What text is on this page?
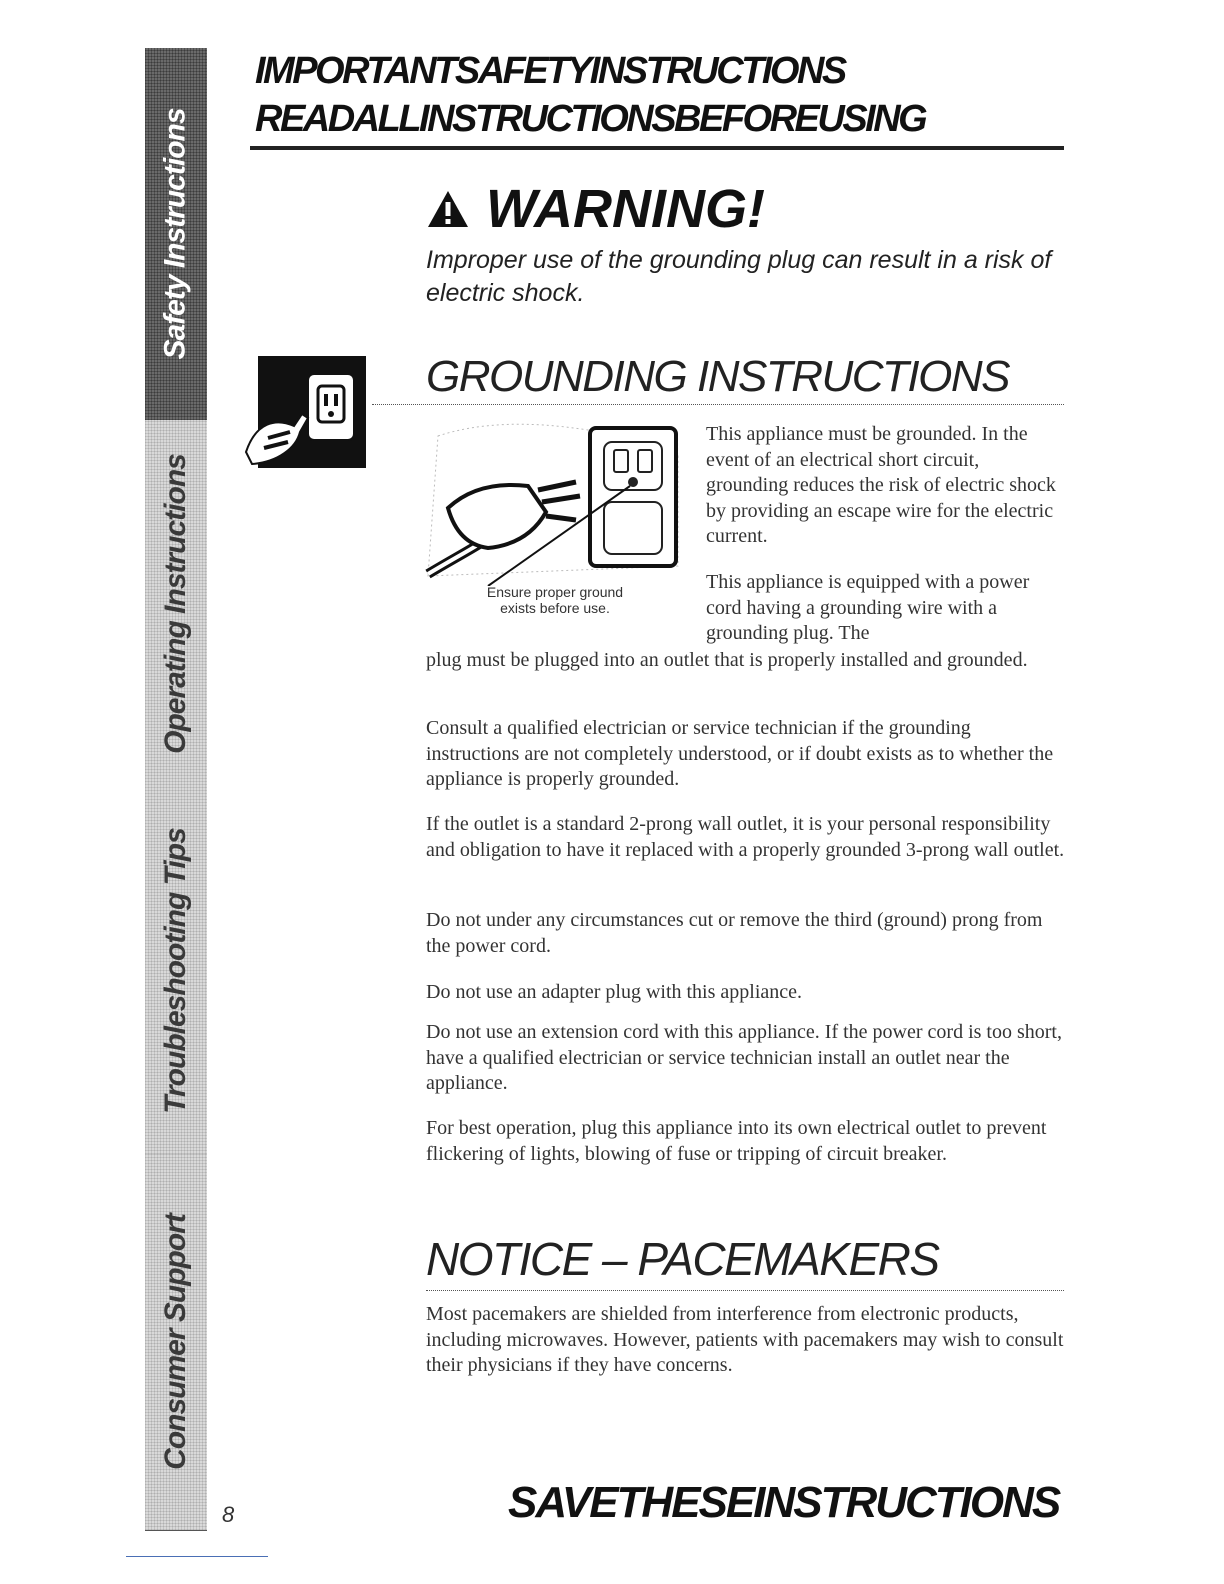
Safety Instructions
Operating Instructions
Troubleshooting Tips
Consumer Support
IMPORTANTSAFETYINSTRUCTIONS
READALLINSTRUCTIONSBEFOREUSING
WARNING!
Improper use of the grounding plug can result in a risk of electric shock.
GROUNDING INSTRUCTIONS
Ensure proper ground
exists before use.

This appliance must be grounded. In the event of an electrical short circuit, grounding reduces the risk of electric shock by providing an escape wire for the electric current.

This appliance is equipped with a power cord having a grounding wire with a grounding plug. The

plug must be plugged into an outlet that is properly installed and grounded.

Consult a qualified electrician or service technician if the grounding instructions are not completely understood, or if doubt exists as to whether the appliance is properly grounded.

If the outlet is a standard 2-prong wall outlet, it is your personal responsibility and obligation to have it replaced with a properly grounded 3-prong wall outlet.

Do not under any circumstances cut or remove the third (ground) prong from the power cord.

Do not use an adapter plug with this appliance.

Do not use an extension cord with this appliance. If the power cord is too short, have a qualified electrician or service technician install an outlet near the appliance.

For best operation, plug this appliance into its own electrical outlet to prevent flickering of lights, blowing of fuse or tripping of circuit breaker.

NOTICE – PACEMAKERS

Most pacemakers are shielded from interference from electronic products, including microwaves. However, patients with pacemakers may wish to consult their physicians if they have concerns.

8	SAVETHESEINSTRUCTIONS
